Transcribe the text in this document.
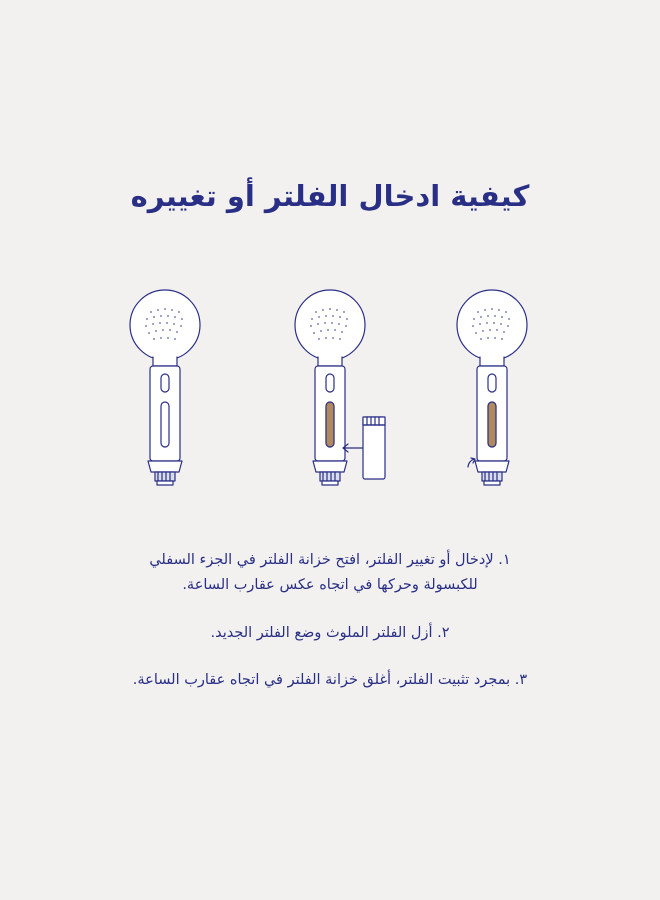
كيفية ادخال الفلتر أو تغييره

١. لإدخال أو تغيير الفلتر، افتح خزانة الفلتر في الجزء السفلي للكبسولة وحركها في اتجاه عكس عقارب الساعة.

٢. أزل الفلتر الملوث وضع الفلتر الجديد.

٣. بمجرد تثبيت الفلتر، أغلق خزانة الفلتر في اتجاه عقارب الساعة.
